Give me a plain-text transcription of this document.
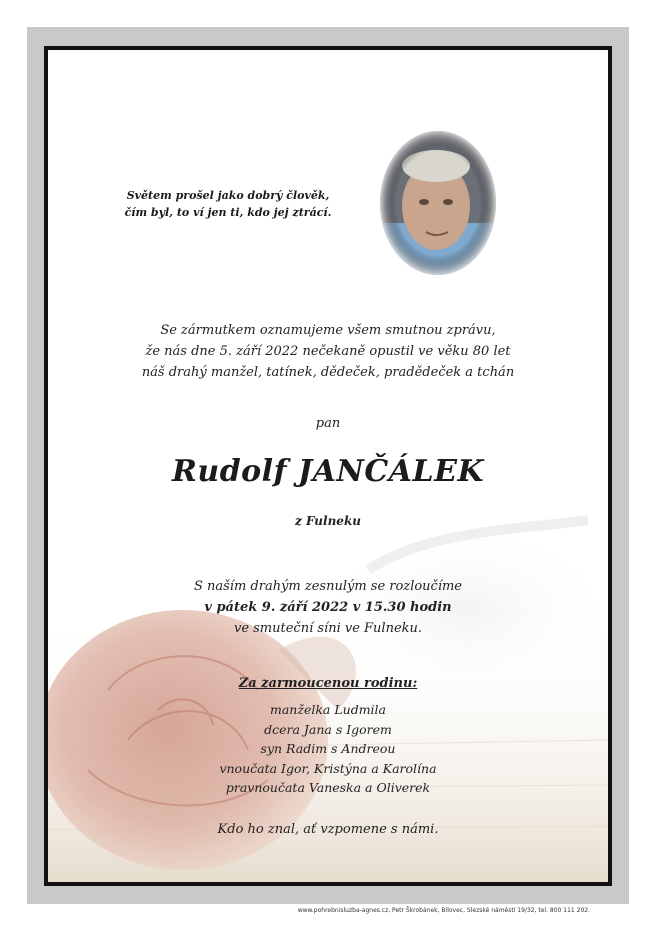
Světem prošel jako dobrý člověk,
čím byl, to ví jen ti, kdo jej ztrácí.
Se zármutkem oznamujeme všem smutnou zprávu,
že nás dne 5. září 2022 nečekaně opustil ve věku 80 let
náš drahý manžel, tatínek, dědeček, pradědeček a tchán
pan
Rudolf JANČÁLEK
z Fulneku
S naším drahým zesnulým se rozloučíme
v pátek 9. září 2022 v 15.30 hodin
ve smuteční síni ve Fulneku.
Za zarmoucenou rodinu:
manželka Ludmila
dcera Jana s Igorem
syn Radim s Andreou
vnoučata Igor, Kristýna a Karolína
pravnoučata Vaneska a Oliverek
Kdo ho znal, ať vzpomene s námi.
www.pohrebnisluzba-agnes.cz, Petr Škrobánek, Bílovec, Slezské náměstí 19/32, tel. 800 111 202.
